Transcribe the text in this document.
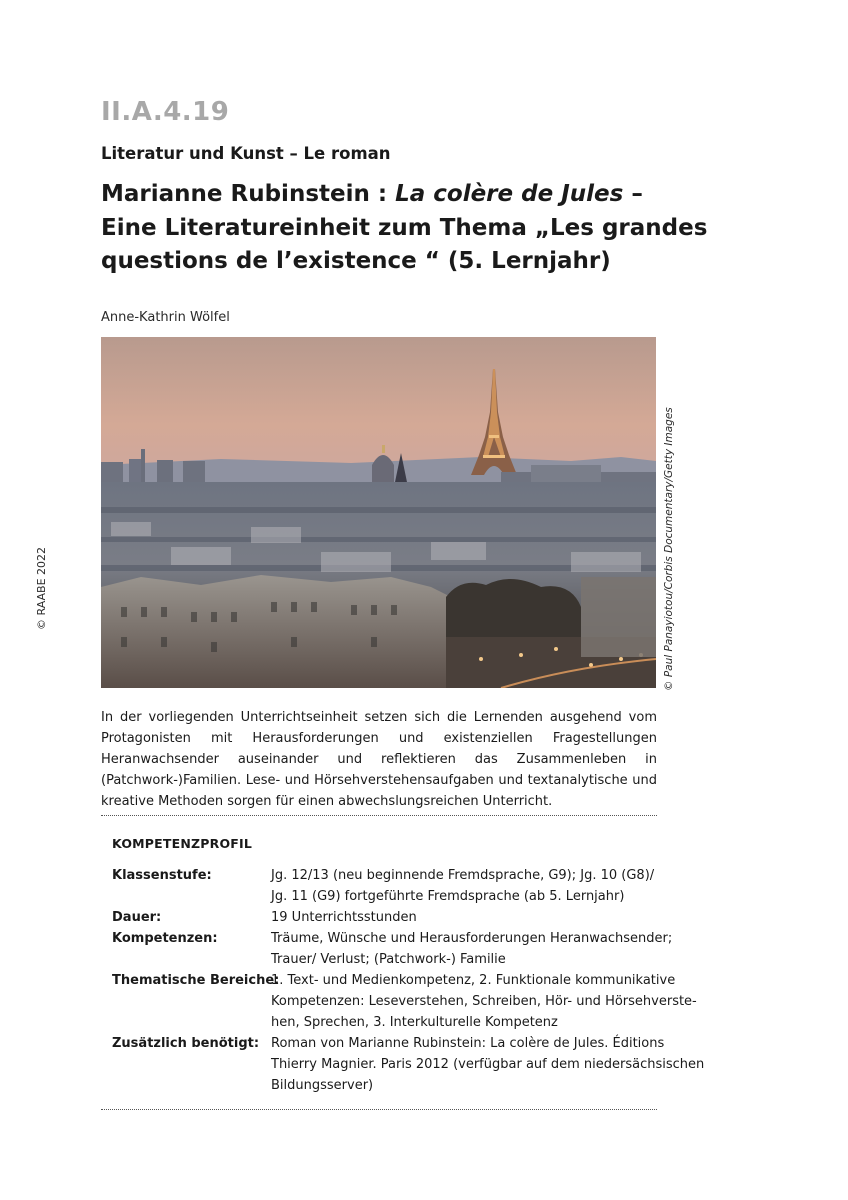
II.A.4.19
Literatur und Kunst – Le roman
Marianne Rubinstein : La colère de Jules –
Eine Literatureinheit zum Thema „Les grandes
questions de l’existence “ (5. Lernjahr)
Anne-Kathrin Wölfel
© RAABE 2022	© Paul Panayiotou/Corbis Documentary/Getty Images
In der vorliegenden Unterrichtseinheit setzen sich die Lernenden ausgehend vom Protagonisten mit Herausforderungen und existenziellen Fragestellungen Heranwachsender auseinander und reflektieren das Zusammenleben in (Patchwork-)Familien. Lese- und Hörsehverstehensaufgaben und textanalytische und kreative Methoden sorgen für einen abwechslungsreichen Unterricht.
KOMPETENZPROFIL
Klassenstufe:	Jg. 12/13 (neu beginnende Fremdsprache, G9); Jg. 10 (G8)/
Jg. 11 (G9) fortgeführte Fremdsprache (ab 5. Lernjahr)
Dauer:	19 Unterrichtsstunden
Kompetenzen:	Träume, Wünsche und Herausforderungen Heranwachsender;
Trauer/ Verlust; (Patchwork-) Familie
Thematische Bereiche:
1. Text- und Medienkompetenz, 2. Funktionale kommunikative
Kompetenzen: Leseverstehen, Schreiben, Hör- und Hörsehverste-
hen, Sprechen, 3. Interkulturelle Kompetenz
Zusätzlich benötigt: Roman von Marianne Rubinstein: La colère de Jules. Éditions
Thierry Magnier. Paris 2012 (verfügbar auf dem niedersächsischen
Bildungsserver)
